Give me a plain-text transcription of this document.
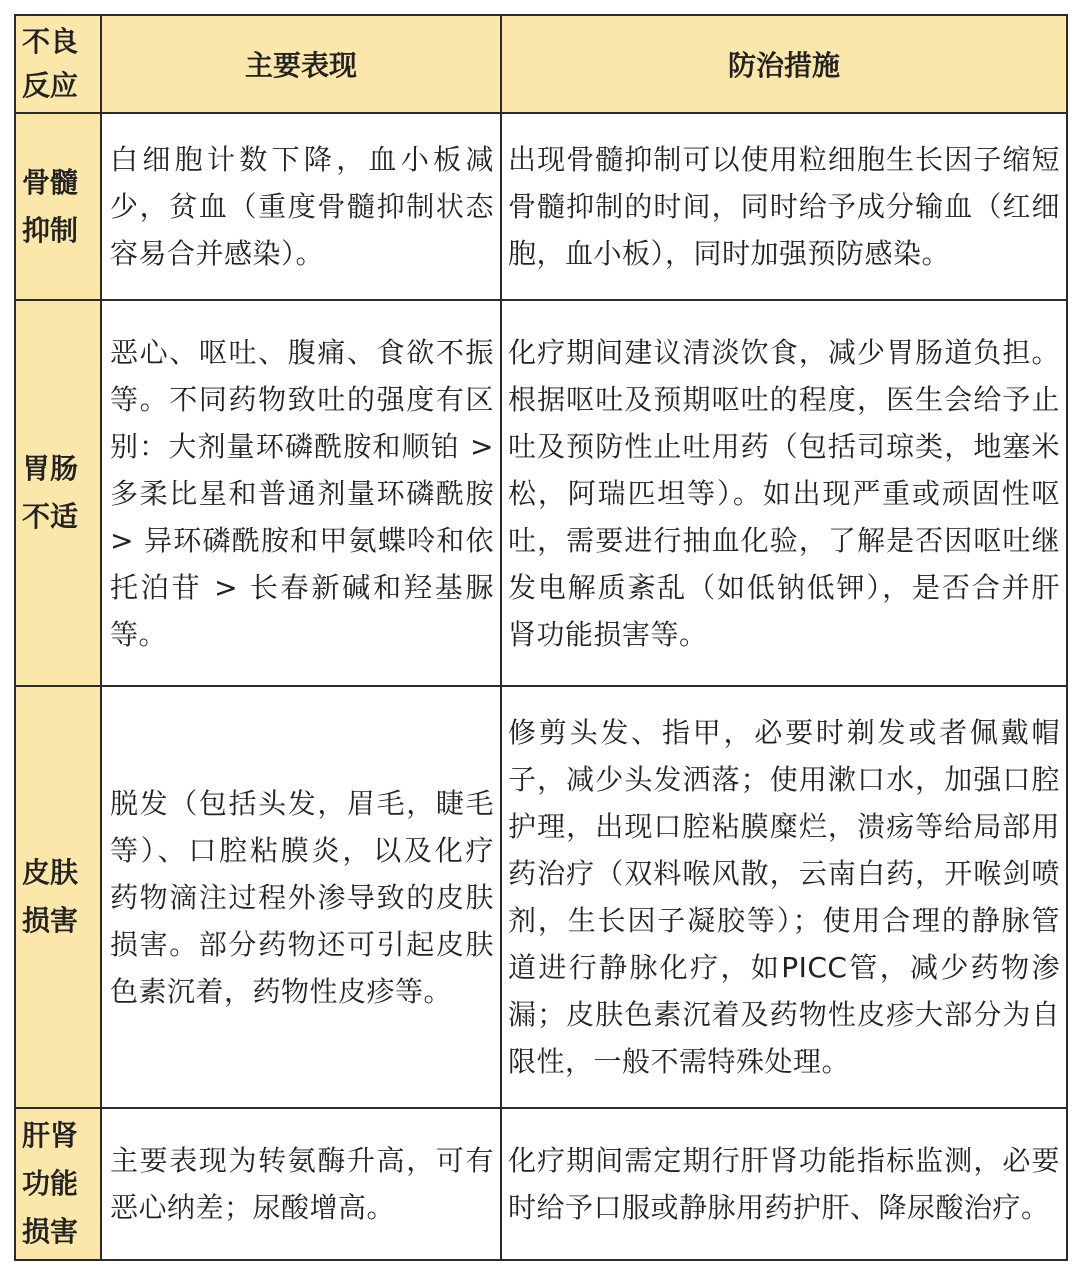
不良
反应	主要表现	防治措施

骨髓
抑制	白细胞计数下降，血小板减少，贫血（重度骨髓抑制状态容易合并感染）。	出现骨髓抑制可以使用粒细胞生长因子缩短骨髓抑制的时间，同时给予成分输血（红细胞，血小板），同时加强预防感染。

胃肠
不适	恶心、呕吐、腹痛、食欲不振等。不同药物致吐的强度有区别：大剂量环磷酰胺和顺铂 > 多柔比星和普通剂量环磷酰胺 > 异环磷酰胺和甲氨蝶呤和依托泊苷 > 长春新碱和羟基脲等。	化疗期间建议清淡饮食，减少胃肠道负担。根据呕吐及预期呕吐的程度，医生会给予止吐及预防性止吐用药（包括司琼类，地塞米松，阿瑞匹坦等）。如出现严重或顽固性呕吐，需要进行抽血化验，了解是否因呕吐继发电解质紊乱（如低钠低钾），是否合并肝肾功能损害等。

皮肤
损害	脱发（包括头发，眉毛，睫毛等）、口腔粘膜炎，以及化疗药物滴注过程外渗导致的皮肤损害。部分药物还可引起皮肤色素沉着，药物性皮疹等。	修剪头发、指甲，必要时剃发或者佩戴帽子，减少头发洒落；使用漱口水，加强口腔护理，出现口腔粘膜糜烂，溃疡等给局部用药治疗（双料喉风散，云南白药，开喉剑喷剂，生长因子凝胶等）；使用合理的静脉管道进行静脉化疗，如PICC管，减少药物渗漏；皮肤色素沉着及药物性皮疹大部分为自限性，一般不需特殊处理。

肝肾
功能
损害	主要表现为转氨酶升高，可有恶心纳差；尿酸增高。	化疗期间需定期行肝肾功能指标监测，必要时给予口服或静脉用药护肝、降尿酸治疗。
